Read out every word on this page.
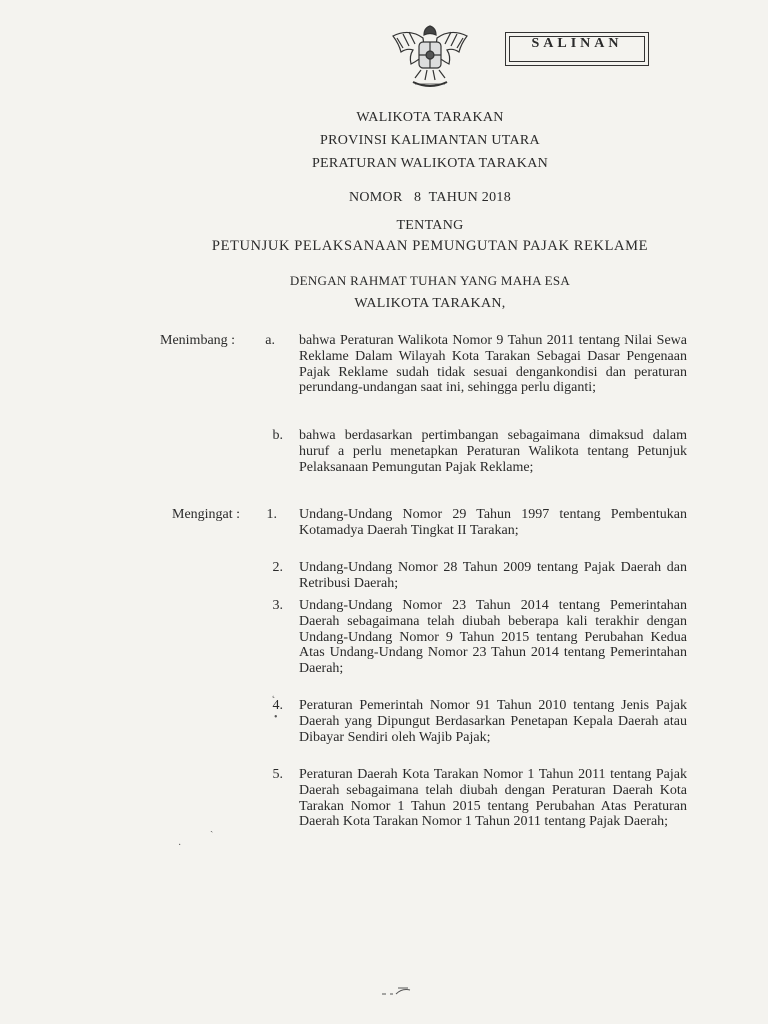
SALINAN
WALIKOTA TARAKAN
PROVINSI KALIMANTAN UTARA
PERATURAN WALIKOTA TARAKAN
NOMOR   8  TAHUN 2018
TENTANG
PETUNJUK PELAKSANAAN PEMUNGUTAN PAJAK REKLAME
DENGAN RAHMAT TUHAN YANG MAHA ESA
WALIKOTA TARAKAN,
Menimbang :	a. bahwa Peraturan Walikota Nomor 9 Tahun 2011 tentang Nilai Sewa Reklame Dalam Wilayah Kota Tarakan Sebagai Dasar Pengenaan Pajak Reklame sudah tidak sesuai dengankondisi dan peraturan perundang-undangan saat ini, sehingga perlu diganti;

b. bahwa berdasarkan pertimbangan sebagaimana dimaksud dalam huruf a perlu menetapkan Peraturan Walikota tentang Petunjuk Pelaksanaan Pemungutan Pajak Reklame;

Mengingat :	1. Undang-Undang Nomor 29 Tahun 1997 tentang Pembentukan Kotamadya Daerah Tingkat II Tarakan;

2. Undang-Undang Nomor 28 Tahun 2009 tentang Pajak Daerah dan Retribusi Daerah;

3. Undang-Undang Nomor 23 Tahun 2014 tentang Pemerintahan Daerah sebagaimana telah diubah beberapa kali terakhir dengan Undang-Undang Nomor 9 Tahun 2015 tentang Perubahan Kedua Atas Undang-Undang Nomor 23 Tahun 2014 tentang Pemerintahan Daerah;

4. Peraturan Pemerintah Nomor 91 Tahun 2010 tentang Jenis Pajak Daerah yang Dipungut Berdasarkan Penetapan Kepala Daerah atau Dibayar Sendiri oleh Wajib Pajak;

5. Peraturan Daerah Kota Tarakan Nomor 1 Tahun 2011 tentang Pajak Daerah sebagaimana telah diubah dengan Peraturan Daerah Kota Tarakan Nomor 1 Tahun 2015 tentang Perubahan Atas Peraturan Daerah Kota Tarakan Nomor 1 Tahun 2011 tentang Pajak Daerah;

˛
•
ˎ
·
